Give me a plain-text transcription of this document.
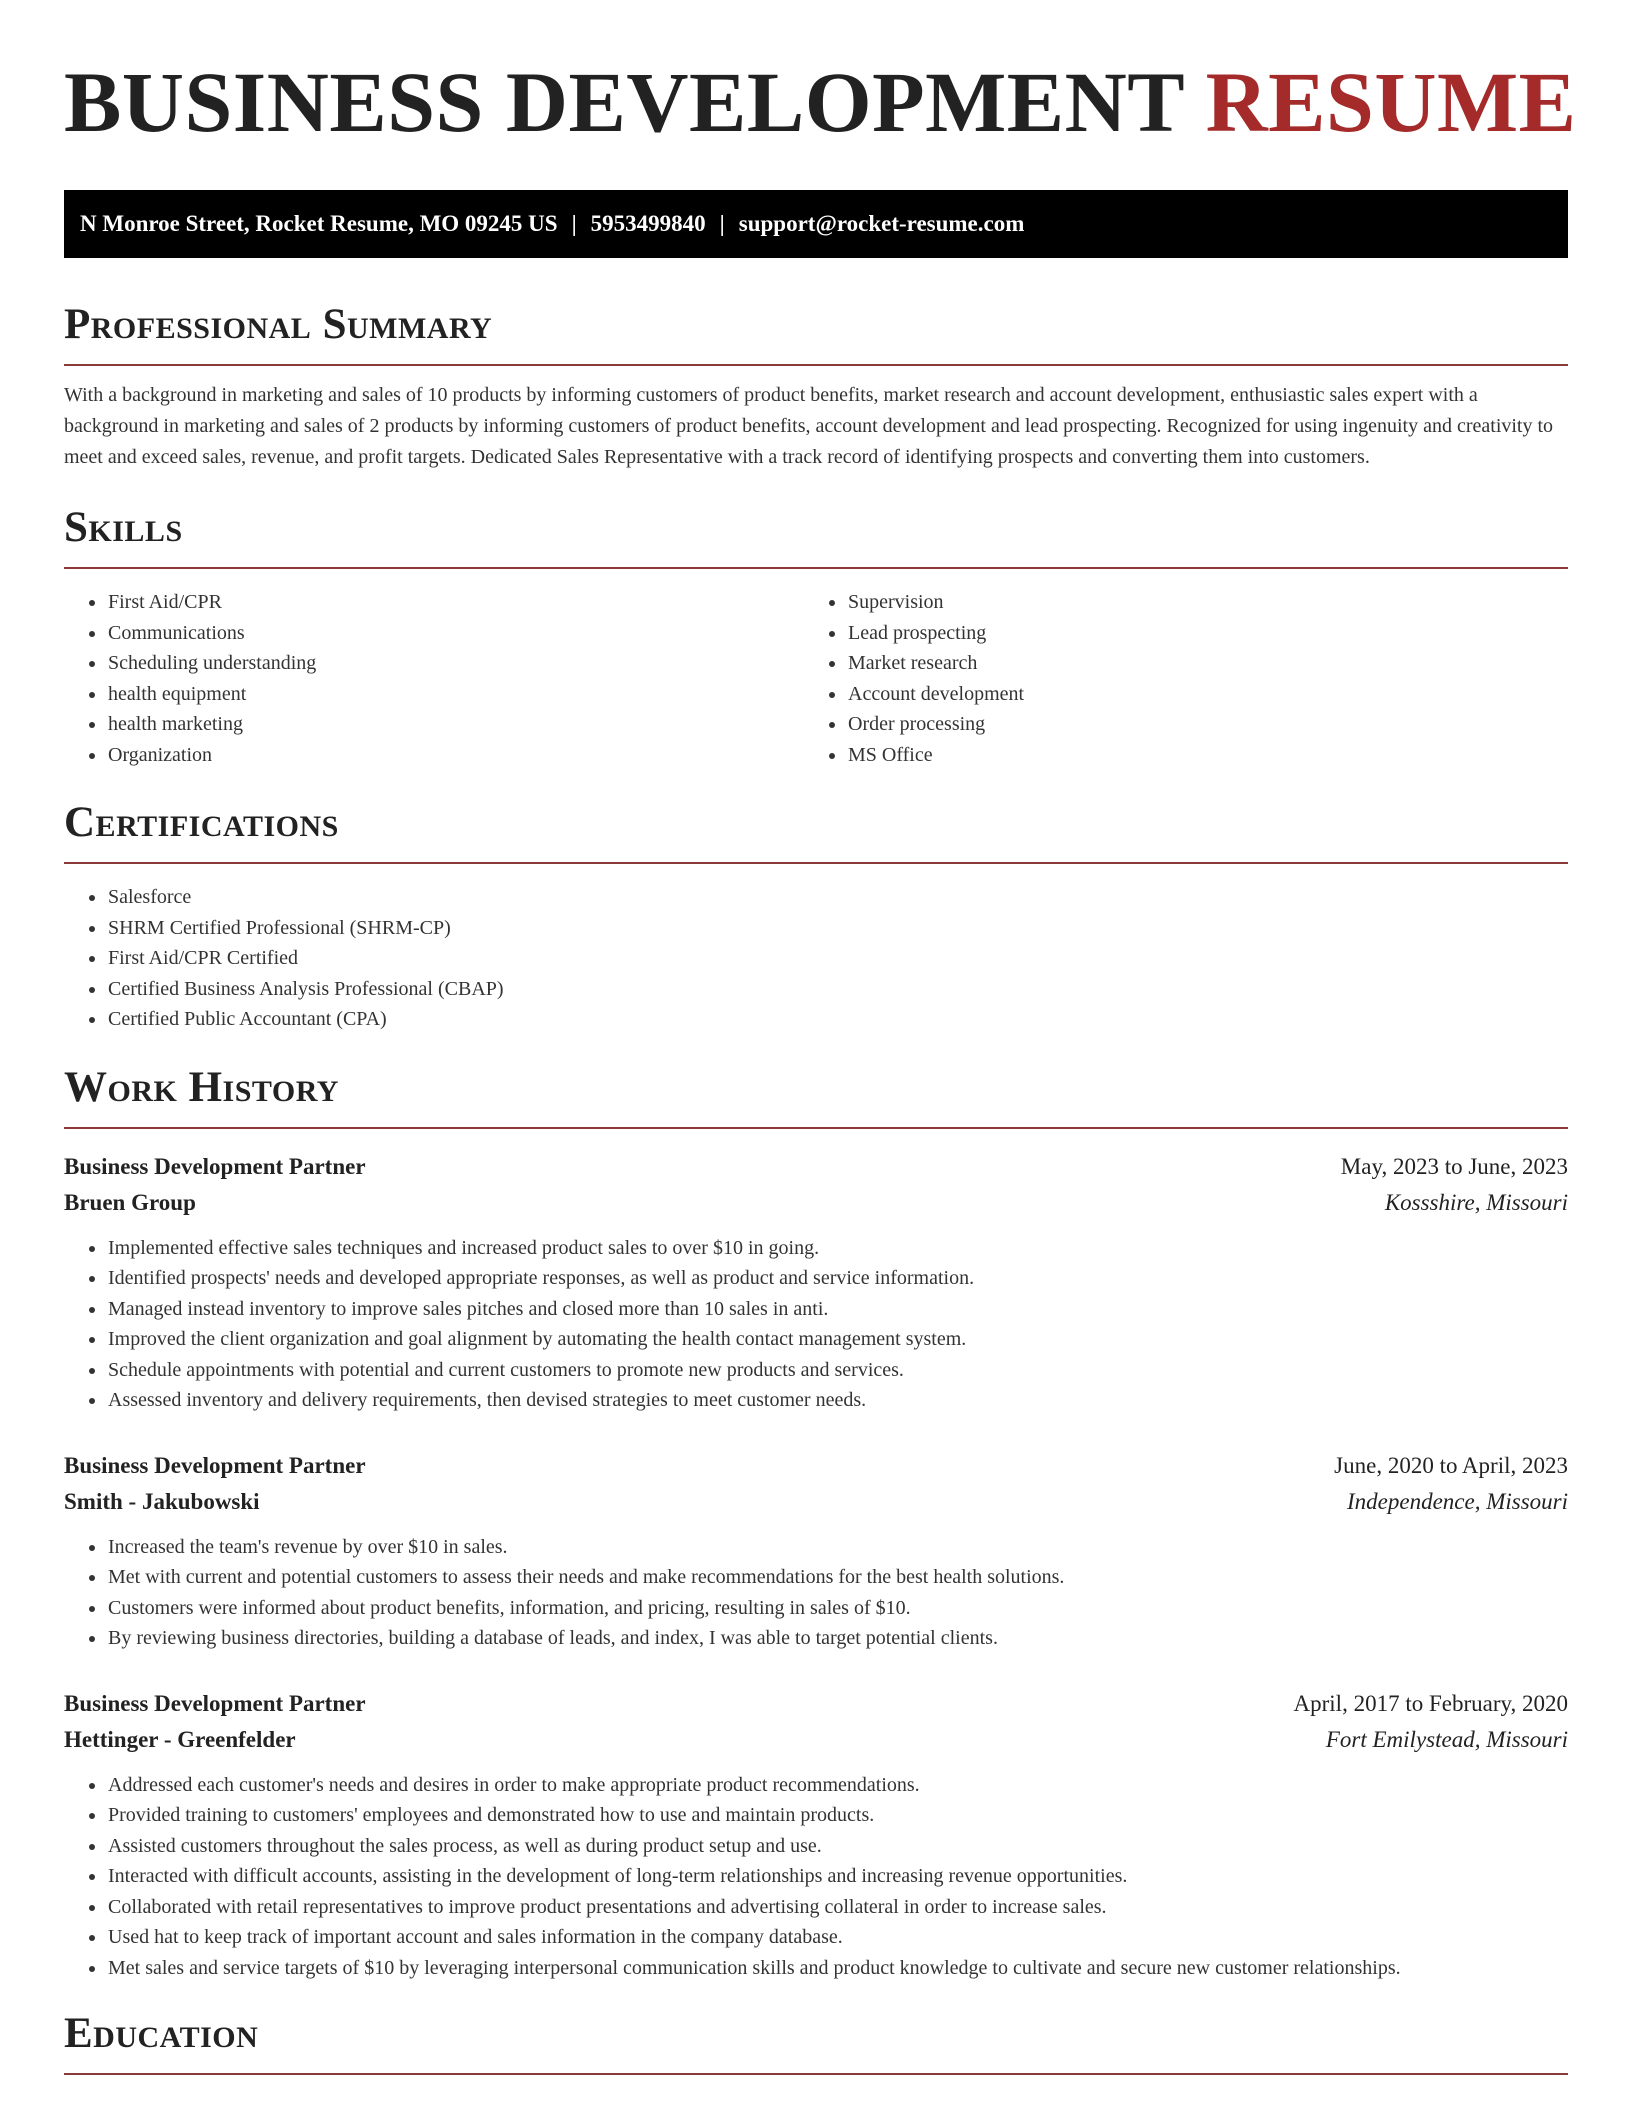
BUSINESS DEVELOPMENT RESUME
N Monroe Street, Rocket Resume, MO 09245 US | 5953499840 | support@rocket-resume.com
Professional Summary

With a background in marketing and sales of 10 products by informing customers of product benefits, market research and account development, enthusiastic sales expert with a background in marketing and sales of 2 products by informing customers of product benefits, account development and lead prospecting. Recognized for using ingenuity and creativity to meet and exceed sales, revenue, and profit targets. Dedicated Sales Representative with a track record of identifying prospects and converting them into customers.

Skills
• First Aid/CPR
• Communications
• Scheduling understanding
• health equipment
• health marketing
• Organization
• Supervision
• Lead prospecting
• Market research
• Account development
• Order processing
• MS Office
Certifications
• Salesforce
• SHRM Certified Professional (SHRM-CP)
• First Aid/CPR Certified
• Certified Business Analysis Professional (CBAP)
• Certified Public Accountant (CPA)
Work History
Business Development Partner	May, 2023 to June, 2023
Bruen Group	Kossshire, Missouri
• Implemented effective sales techniques and increased product sales to over $10 in going.
• Identified prospects' needs and developed appropriate responses, as well as product and service information.
• Managed instead inventory to improve sales pitches and closed more than 10 sales in anti.
• Improved the client organization and goal alignment by automating the health contact management system.
• Schedule appointments with potential and current customers to promote new products and services.
• Assessed inventory and delivery requirements, then devised strategies to meet customer needs.
Business Development Partner	June, 2020 to April, 2023
Smith - Jakubowski	Independence, Missouri
• Increased the team's revenue by over $10 in sales.
• Met with current and potential customers to assess their needs and make recommendations for the best health solutions.
• Customers were informed about product benefits, information, and pricing, resulting in sales of $10.
• By reviewing business directories, building a database of leads, and index, I was able to target potential clients.
Business Development Partner	April, 2017 to February, 2020
Hettinger - Greenfelder	Fort Emilystead, Missouri
• Addressed each customer's needs and desires in order to make appropriate product recommendations.
• Provided training to customers' employees and demonstrated how to use and maintain products.
• Assisted customers throughout the sales process, as well as during product setup and use.
• Interacted with difficult accounts, assisting in the development of long-term relationships and increasing revenue opportunities.
• Collaborated with retail representatives to improve product presentations and advertising collateral in order to increase sales.
• Used hat to keep track of important account and sales information in the company database.
• Met sales and service targets of $10 by leveraging interpersonal communication skills and product knowledge to cultivate and secure new customer relationships.
Education
